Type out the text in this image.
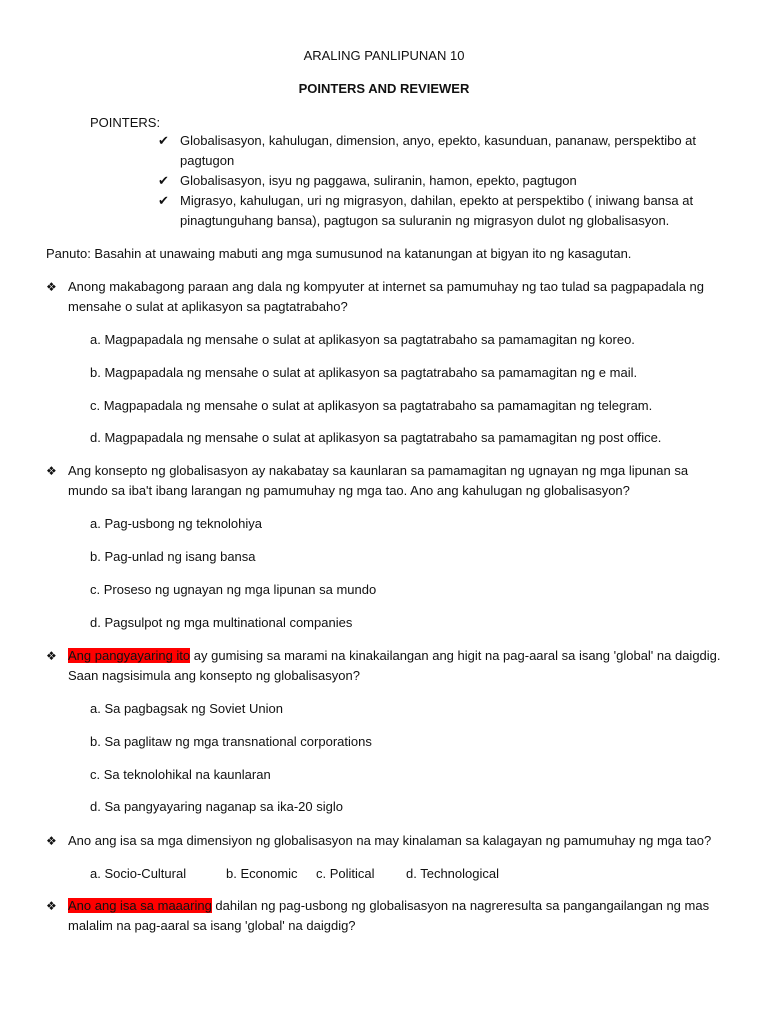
ARALING PANLIPUNAN 10
POINTERS AND REVIEWER
POINTERS:
✔ Globalisasyon, kahulugan, dimension, anyo, epekto, kasunduan, pananaw, perspektibo at pagtugon
✔ Globalisasyon, isyu ng paggawa, suliranin, hamon, epekto, pagtugon
✔ Migrasyo, kahulugan, uri ng migrasyon, dahilan, epekto at perspektibo ( iniwang bansa at pinagtunguhang bansa), pagtugon sa suluranin ng migrasyon dulot ng globalisasyon.
Panuto: Basahin at unawaing mabuti ang mga sumusunod na katanungan at bigyan ito ng kasagutan.
❖ Anong makabagong paraan ang dala ng kompyuter at internet sa pamumuhay ng tao tulad sa pagpapadala ng mensahe o sulat at aplikasyon sa pagtatrabaho?
a. Magpapadala ng mensahe o sulat at aplikasyon sa pagtatrabaho sa pamamagitan ng koreo.
b. Magpapadala ng mensahe o sulat at aplikasyon sa pagtatrabaho sa pamamagitan ng e mail.
c. Magpapadala ng mensahe o sulat at aplikasyon sa pagtatrabaho sa pamamagitan ng telegram.
d. Magpapadala ng mensahe o sulat at aplikasyon sa pagtatrabaho sa pamamagitan ng post office.
❖ Ang konsepto ng globalisasyon ay nakabatay sa kaunlaran sa pamamagitan ng ugnayan ng mga lipunan sa mundo sa iba't ibang larangan ng pamumuhay ng mga tao. Ano ang kahulugan ng globalisasyon?
a. Pag-usbong ng teknolohiya
b. Pag-unlad ng isang bansa
c. Proseso ng ugnayan ng mga lipunan sa mundo
d. Pagsulpot ng mga multinational companies
❖ Ang pangyayaring ito ay gumising sa marami na kinakailangan ang higit na pag-aaral sa isang 'global' na daigdig. Saan nagsisimula ang konsepto ng globalisasyon?
a. Sa pagbagsak ng Soviet Union
b. Sa paglitaw ng mga transnational corporations
c. Sa teknolohikal na kaunlaran
d. Sa pangyayaring naganap sa ika-20 siglo
❖ Ano ang isa sa mga dimensiyon ng globalisasyon na may kinalaman sa kalagayan ng pamumuhay ng mga tao?
a. Socio-Cultural	b. Economic c. Political d. Technological
❖ Ano ang isa sa maaaring dahilan ng pag-usbong ng globalisasyon na nagreresulta sa pangangailangan ng mas malalim na pag-aaral sa isang 'global' na daigdig?
